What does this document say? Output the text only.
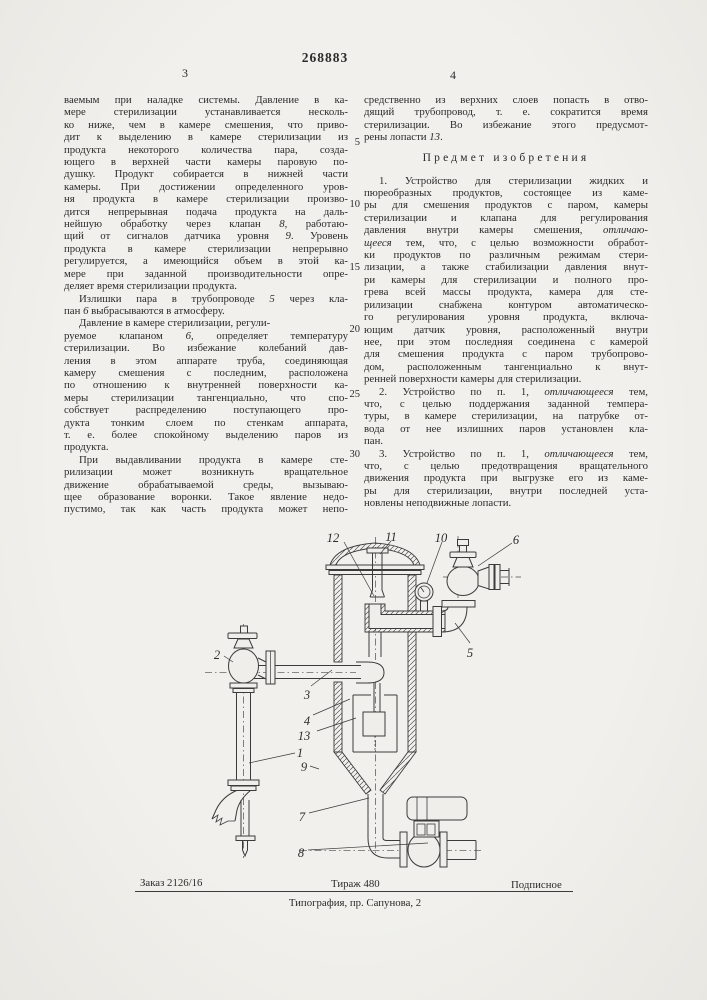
268883
3	4
ваемым при наладке системы. Давление в ка-
мере стерилизации устанавливается несколь-
ко ниже, чем в камере смешения, что приво-
дит к выделению в камере стерилизации из
продукта некоторого количества пара, созда-
ющего в верхней части камеры паровую по-
душку. Продукт собирается в нижней части
камеры. При достижении определенного уров-
ня продукта в камере стерилизации произво-
дится непрерывная подача продукта на даль-
нейшую обработку через клапан 8, работаю-
щий от сигналов датчика уровня 9. Уровень
продукта в камере стерилизации непрерывно
регулируется, а имеющийся объем в этой ка-
мере при заданной производительности опре-
деляет время стерилизации продукта.
Излишки пара в трубопроводе 5 через кла-
пан 6 выбрасываются в атмосферу.
Давление в камере стерилизации, регули-
руемое клапаном 6, определяет температуру
стерилизации. Во избежание колебаний дав-
ления в этом аппарате труба, соединяющая
камеру смешения с последним, расположена
по отношению к внутренней поверхности ка-
меры стерилизации тангенциально, что спо-
собствует распределению поступающего про-
дукта тонким слоем по стенкам аппарата,
т. е. более спокойному выделению паров из
продукта.
При выдавливании продукта в камере сте-
рилизации может возникнуть вращательное
движение обрабатываемой среды, вызываю-
щее образование воронки. Такое явление недо-
пустимо, так как часть продукта может непо-
средственно из верхних слоев попасть в отво-
дящий трубопровод, т. е. сократится время
стерилизации. Во избежание этого предусмот-
рены лопасти 13.
Предмет изобретения
1. Устройство для стерилизации жидких и
пюреобразных продуктов, состоящее из каме-
ры для смешения продуктов с паром, камеры
стерилизации и клапана для регулирования
давления внутри камеры смешения, отличаю-
щееся тем, что, с целью возможности обработ-
ки продуктов по различным режимам стери-
лизации, а также стабилизации давления внут-
ри камеры для стерилизации и полного про-
грева всей массы продукта, камера для сте-
рилизации снабжена контуром автоматическо-
го регулирования уровня продукта, включа-
ющим датчик уровня, расположенный внутри
нее, при этом последняя соединена с камерой
для смешения продукта с паром трубопрово-
дом, расположенным тангенциально к внут-
ренней поверхности камеры для стерилизации.
2. Устройство по п. 1, отличающееся тем,
что, с целью поддержания заданной темпера-
туры, в камере стерилизации, на патрубке от-
вода от нее излишних паров установлен кла-
пан.
3. Устройство по п. 1, отличающееся тем,
что, с целью предотвращения вращательного
движения продукта при выгрузке его из каме-
ры для стерилизации, внутри последней уста-
новлены неподвижные лопасти.
5
10
15
20
25
30
12	11	10	6
5
2
3
4
13
1
9
7
8
Заказ 2126/16	Тираж 480	Подписное
Типография, пр. Сапунова, 2
